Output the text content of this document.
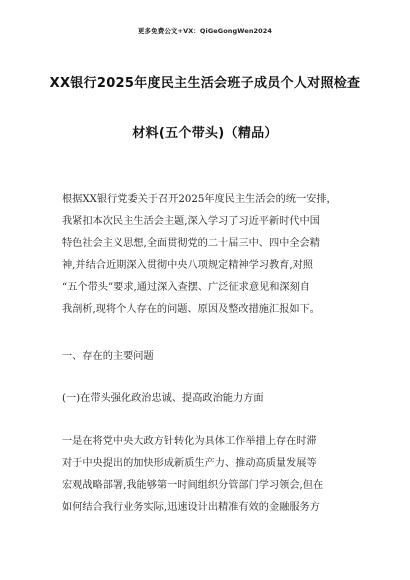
更多免费公文+VX：QiGeGongWen2024
XX银行2025年度民主生活会班子成员个人对照检查
材料(五个带头)（精品）
根据XX银行党委关于召开2025年度民主生活会的统一安排，
我紧扣本次民主生活会主题,深入学习了习近平新时代中国
特色社会主义思想,全面贯彻党的二十届三中、四中全会精
神,并结合近期深入贯彻中央八项规定精神学习教育,对照
“五个带头”要求,通过深入查摆、广泛征求意见和深刻自
我剖析,现将个人存在的问题、原因及整改措施汇报如下。
一、存在的主要问题
(一)在带头强化政治忠诚、提高政治能力方面
一是在将党中央大政方针转化为具体工作举措上存在时滞
对于中央提出的加快形成新质生产力、推动高质量发展等
宏观战略部署,我能够第一时间组织分管部门学习领会,但在
如何结合我行业务实际,迅速设计出精准有效的金融服务方
